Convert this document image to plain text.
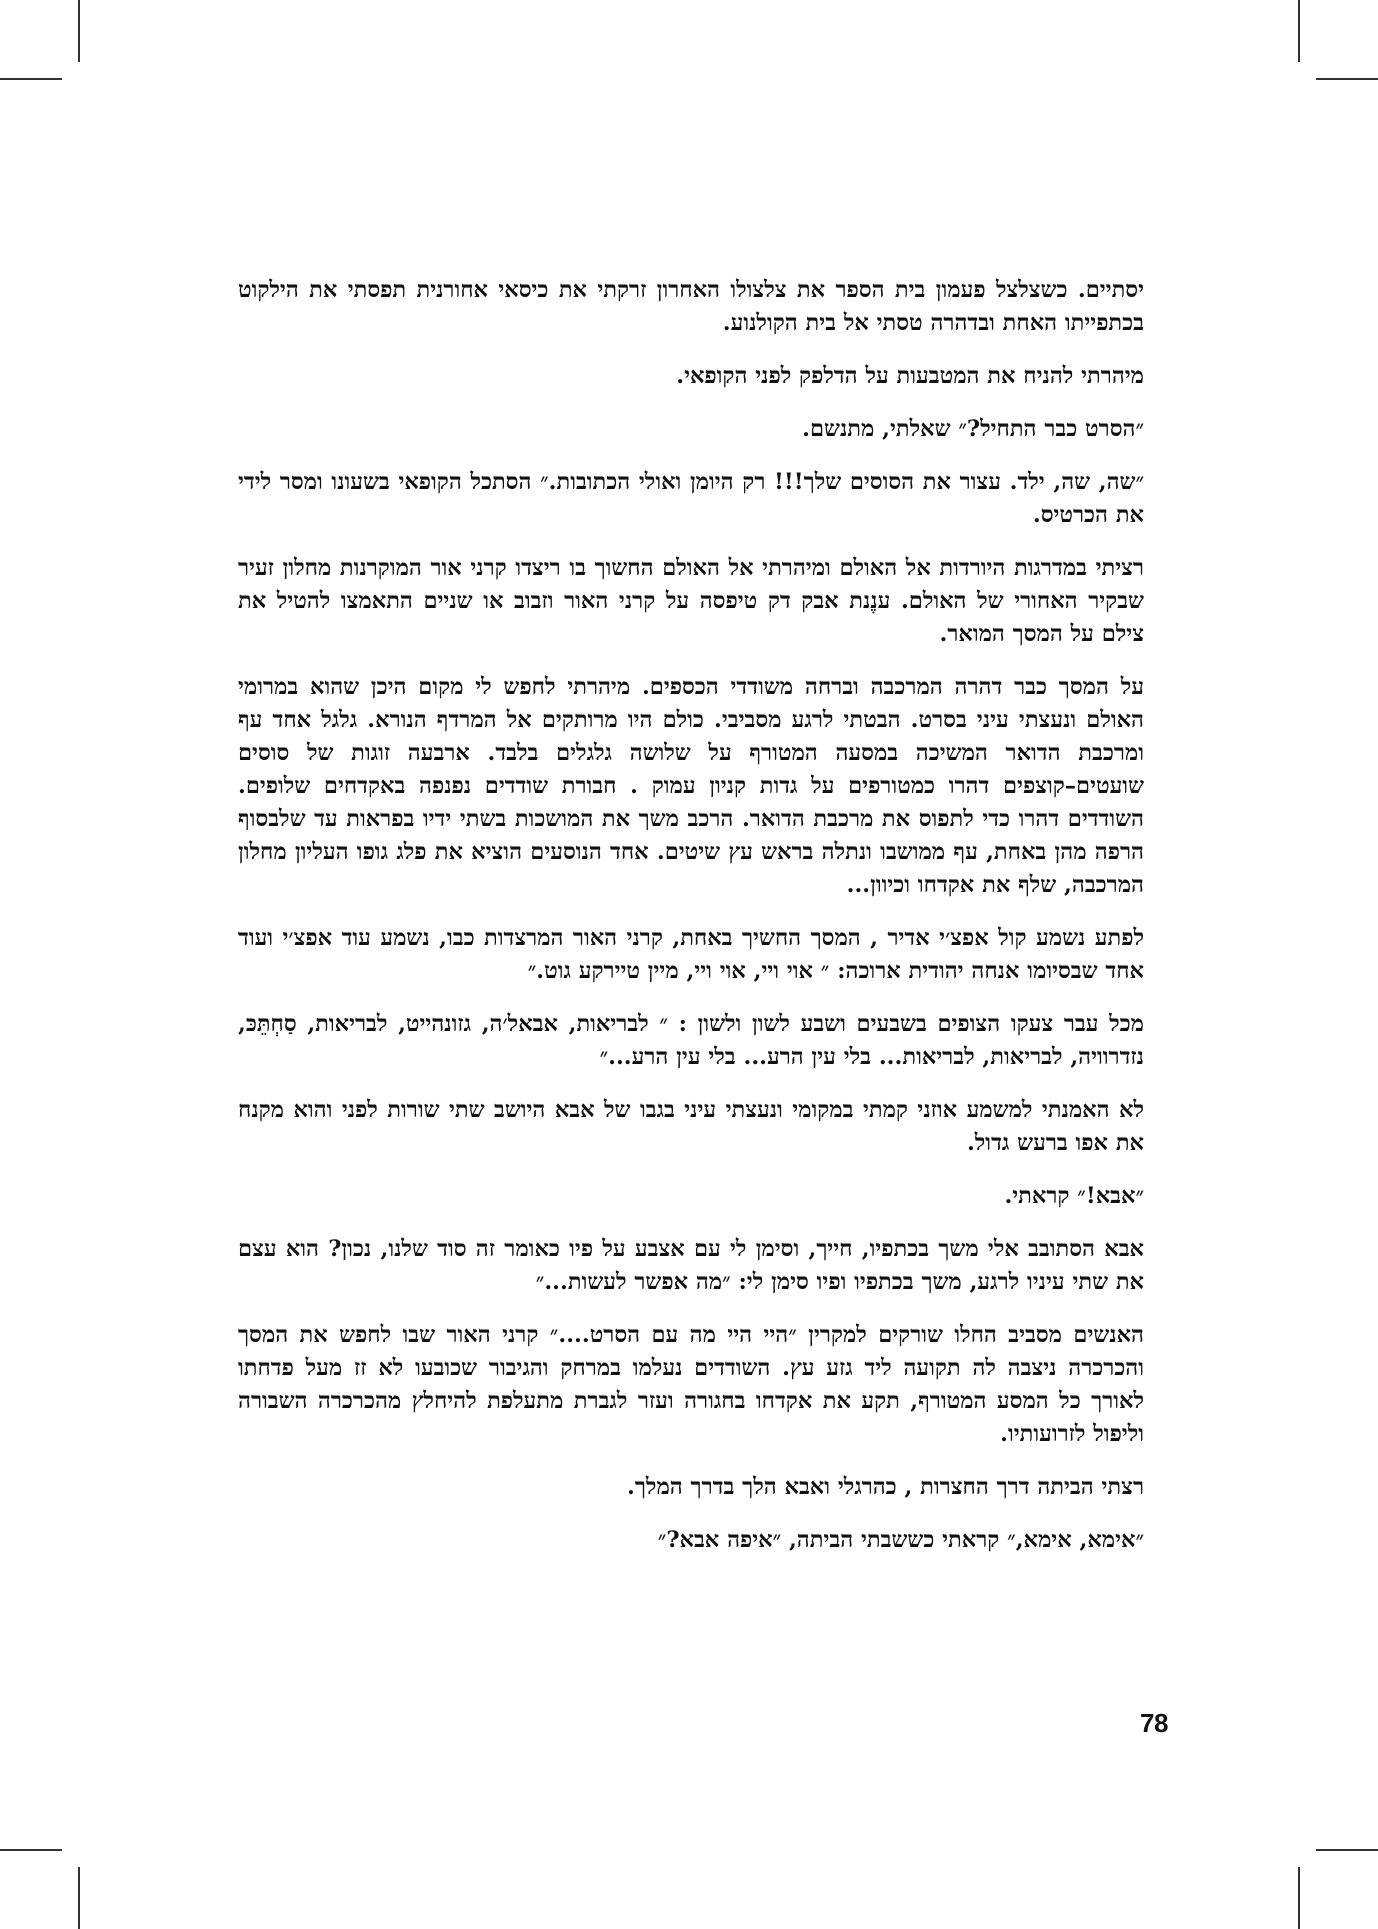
יסתיים. כשצלצל פעמון בית הספר את צלצולו האחרון זרקתי את כיסאי אחורנית תפסתי את הילקוט בכתפייתו האחת ובדהרה טסתי אל בית הקולנוע.

מיהרתי להניח את המטבעות על הדלפק לפני הקופאי.

״הסרט כבר התחיל?״ שאלתי, מתנשם.

״שה, שה, ילד. עצור את הסוסים שלך!!! רק היומן ואולי הכתובות.״ הסתכל הקופאי בשעונו ומסר לידי את הכרטיס.

רציתי במדרגות היורדות אל האולם ומיהרתי אל האולם החשוך בו ריצדו קרני אור המוקרנות מחלון זעיר שבקיר האחורי של האולם. ענֶנת אבק דק טיפסה על קרני האור וזבוב או שניים התאמצו להטיל את צילם על המסך המואר.

על המסך כבר דהרה המרכבה וברחה משודדי הכספים. מיהרתי לחפש לי מקום היכן שהוא במרומי האולם ונעצתי עיני בסרט. הבטתי לרגע מסביבי. כולם היו מרותקים אל המרדף הנורא. גלגל אחד עף ומרכבת הדואר המשיכה במסעה המטורף על שלושה גלגלים בלבד. ארבעה זוגות של סוסים שועטים–קוצפים דהרו כמטורפים על גדות קניון עמוק . חבורת שודדים נפנפה באקדחים שלופים. השודדים דהרו כדי לתפוס את מרכבת הדואר. הרכב משך את המושכות בשתי ידיו בפראות עד שלבסוף הרפה מהן באחת, עף ממושבו ונתלה בראש עץ שיטים. אחד הנוסעים הוציא את פלג גופו העליון מחלון המרכבה, שלף את אקדחו וכיוון...

לפתע נשמע קול אפצ׳י אדיר , המסך החשיך באחת, קרני האור המרצדות כבו, נשמע עוד אפצ׳י ועוד אחד שבסיומו אנחה יהודית ארוכה: ״ אוי ויי, אוי ויי, מיין טיירקע גוט.״

מכל עבר צעקו הצופים בשבעים ושבע לשון ולשון : ״ לבריאות, אבאל׳ה, גזונהייט, לבריאות, סַחְתֵּכּ, נזדרוויה, לבריאות, לבריאות... בלי עין הרע... בלי עין הרע...״

לא האמנתי למשמע אוזני קמתי במקומי ונעצתי עיני בגבו של אבא היושב שתי שורות לפני והוא מקנח את אפו ברעש גדול.

״אבא!״ קראתי.

אבא הסתובב אלי משך בכתפיו, חייך, וסימן לי עם אצבע על פיו כאומר זה סוד שלנו, נכון? הוא עצם את שתי עיניו לרגע, משך בכתפיו ופיו סימן לי: ״מה אפשר לעשות...״

האנשים מסביב החלו שורקים למקרין ״היי היי מה עם הסרט....״ קרני האור שבו לחפש את המסך והכרכרה ניצבה לה תקועה ליד גזע עץ. השודדים נעלמו במרחק והגיבור שכובעו לא זז מעל פדחתו לאורך כל המסע המטורף, תקע את אקדחו בחגורה ועזר לגברת מתעלפת להיחלץ מהכרכרה השבורה וליפול לזרועותיו.

רצתי הביתה דרך החצרות , כהרגלי ואבא הלך בדרך המלך.

״אימא, אימא,״ קראתי כששבתי הביתה, ״איפה אבא?״

78
